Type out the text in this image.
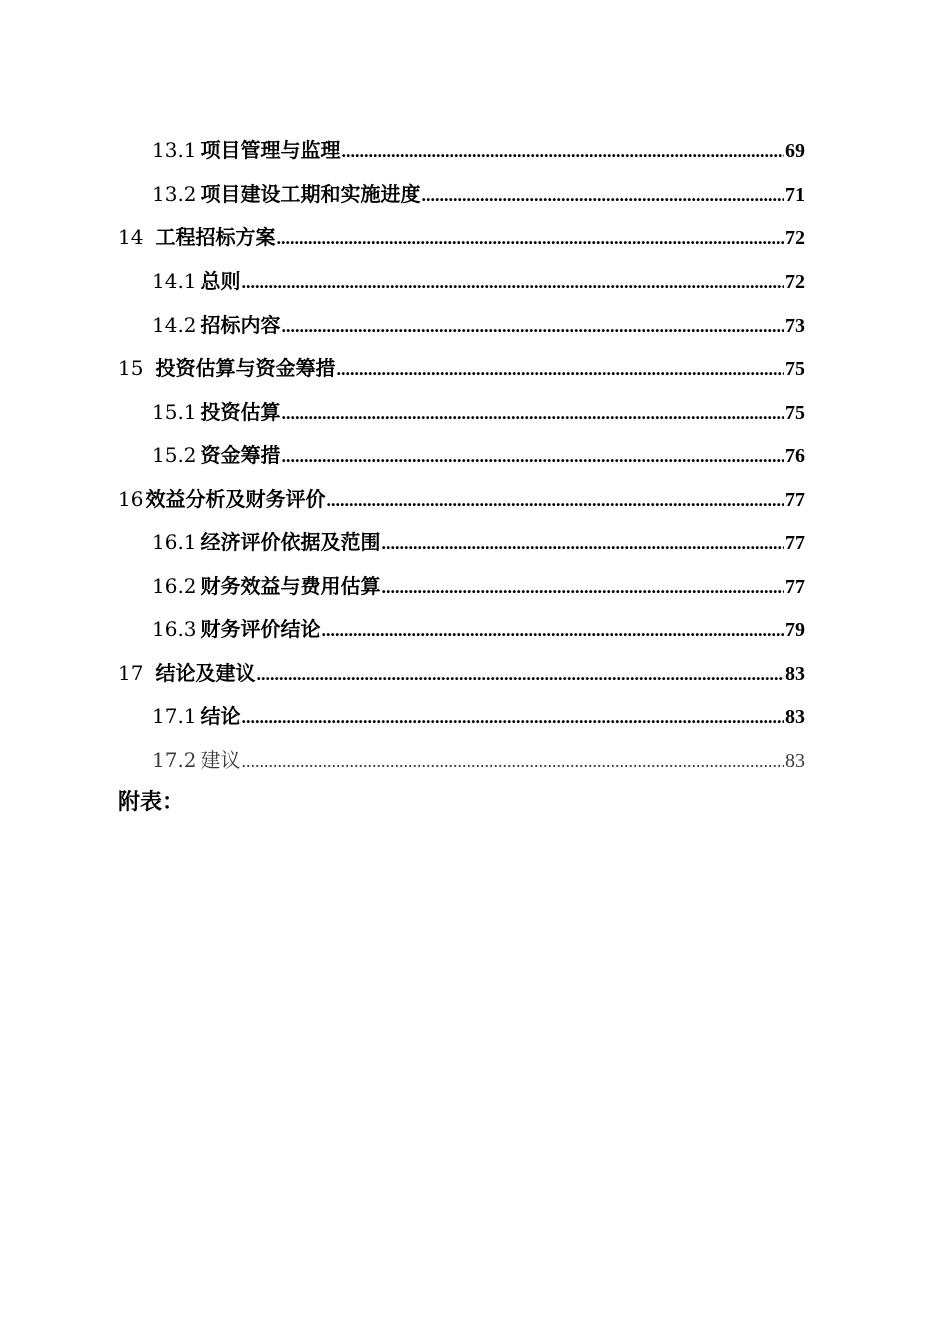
13.1 项目管理与监理 .....	69
13.2 项目建设工期和实施进度 .....	71
14 工程招标方案 .....	72
14.1 总则 .....	72
14.2 招标内容 .....	73
15 投资估算与资金筹措 .....	75
15.1 投资估算 .....	75
15.2 资金筹措 .....	76
16 效益分析及财务评价 .....	77
16.1 经济评价依据及范围 .....	77
16.2 财务效益与费用估算 .....	77
16.3 财务评价结论 .....	79
17 结论及建议 .....	83
17.1 结论 .....	83
17.2 建议 .....	83
附表：
